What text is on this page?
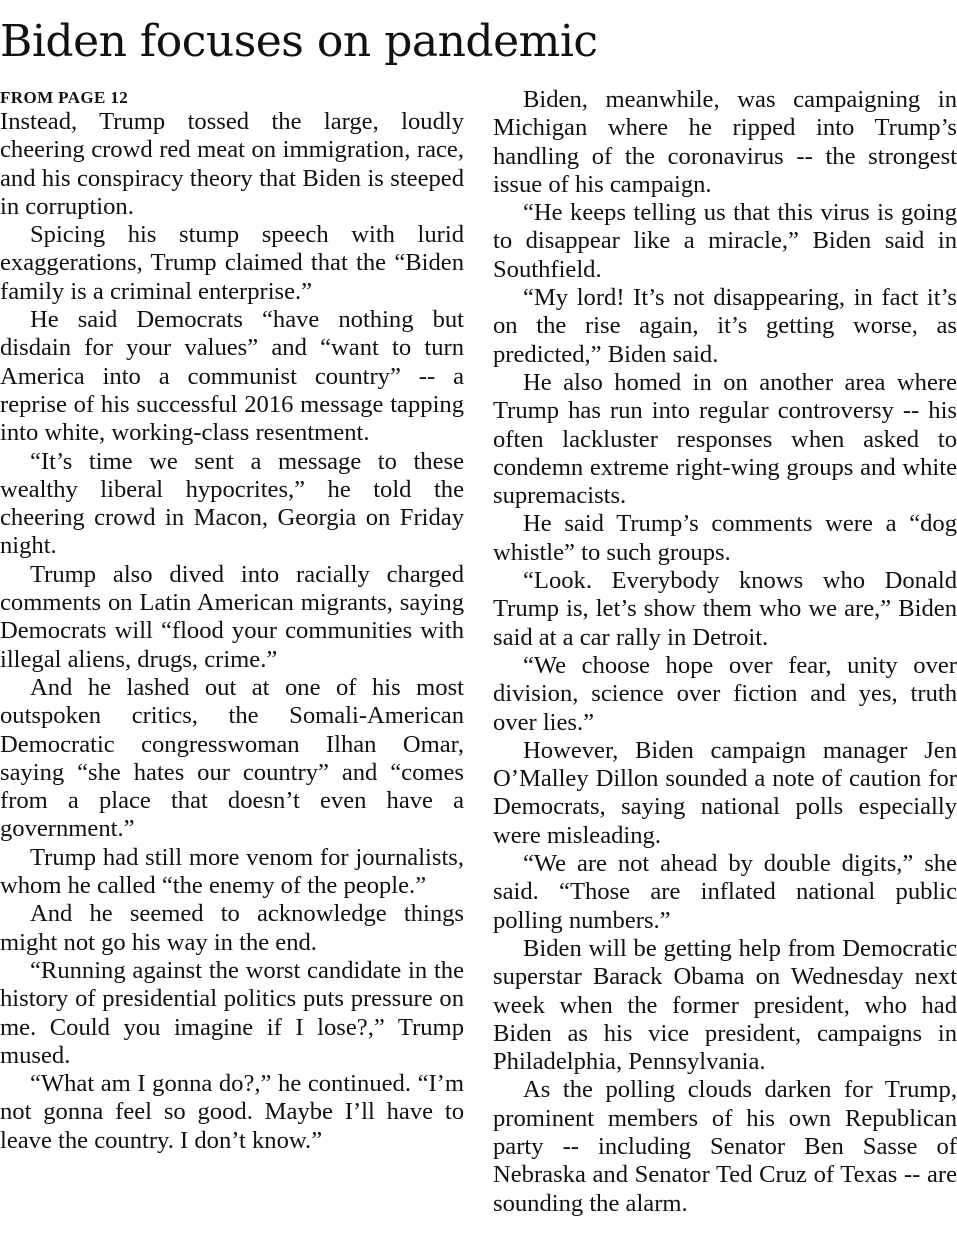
Biden focuses on pandemic

FROM PAGE 12

Instead, Trump tossed the large, loudly cheering crowd red meat on immigration, race, and his conspiracy theory that Biden is steeped in corruption.

Spicing his stump speech with lurid exaggerations, Trump claimed that the “Biden family is a criminal enterprise.”

He said Democrats “have nothing but disdain for your values” and “want to turn America into a communist country” -- a reprise of his successful 2016 message tapping into white, working-class resentment.

“It’s time we sent a message to these wealthy liberal hypocrites,” he told the cheering crowd in Macon, Georgia on Friday night.

Trump also dived into racially charged comments on Latin American migrants, saying Democrats will “flood your communities with illegal aliens, drugs, crime.”

And he lashed out at one of his most outspoken critics, the Somali-American Democratic congresswoman Ilhan Omar, saying “she hates our country” and “comes from a place that doesn’t even have a government.”

Trump had still more venom for journalists, whom he called “the enemy of the people.”

And he seemed to acknowledge things might not go his way in the end.

“Running against the worst candidate in the history of presidential politics puts pressure on me. Could you imagine if I lose?,” Trump mused.

“What am I gonna do?,” he continued. “I’m not gonna feel so good. Maybe I’ll have to leave the country. I don’t know.”

Biden, meanwhile, was campaigning in Michigan where he ripped into Trump’s handling of the coronavirus -- the strongest issue of his campaign.

“He keeps telling us that this virus is going to disappear like a miracle,” Biden said in Southfield.

“My lord! It’s not disappearing, in fact it’s on the rise again, it’s getting worse, as predicted,” Biden said.

He also homed in on another area where Trump has run into regular controversy -- his often lackluster responses when asked to condemn extreme right-wing groups and white supremacists.

He said Trump’s comments were a “dog whistle” to such groups.

“Look. Everybody knows who Donald Trump is, let’s show them who we are,” Biden said at a car rally in Detroit.

“We choose hope over fear, unity over division, science over fiction and yes, truth over lies.”

However, Biden campaign manager Jen O’Malley Dillon sounded a note of caution for Democrats, saying national polls especially were misleading.

“We are not ahead by double digits,” she said. “Those are inflated national public polling numbers.”

Biden will be getting help from Democratic superstar Barack Obama on Wednesday next week when the former president, who had Biden as his vice president, campaigns in Philadelphia, Pennsylvania.

As the polling clouds darken for Trump, prominent members of his own Republican party -- including Senator Ben Sasse of Nebraska and Senator Ted Cruz of Texas -- are sounding the alarm.
